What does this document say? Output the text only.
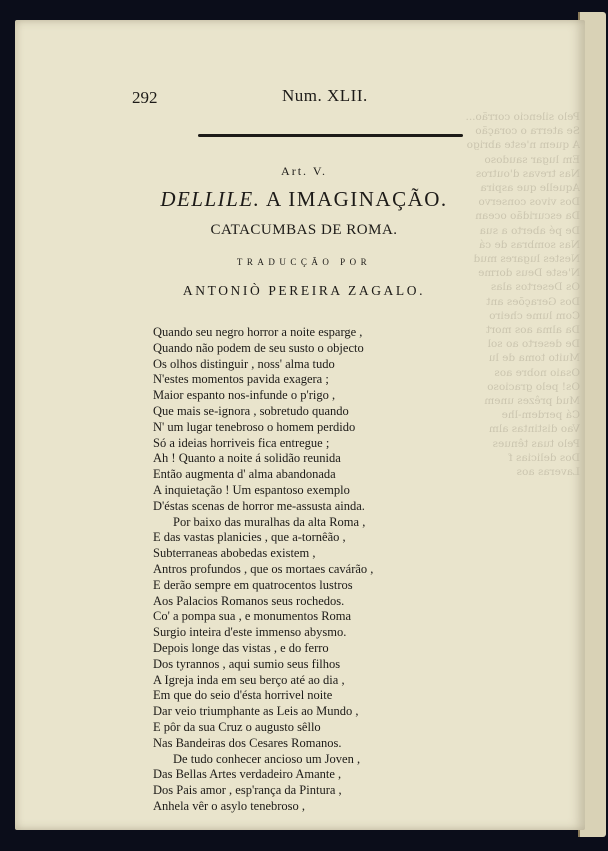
Pelo silencio corrão...
Se aterra o coração
A quem n'este abrigo
Em lugar saudoso
Nas trevas d'outros
Aquelle que aspira
Dos vivos conservo
Da escuridão ocean
De pé aberto a sua
Nas sombras de cá
Nestes lugares mud
N'este Deus dorme
Os Desertos alas
Dos Gerações ant
Com lume cheiro
Da alma aos mort
De deserto ao sol
Muito toma de lu
Osaio nobre aos
Os! pelo gracioso
Mud prêzes unem
Cá perdem-lhe
Vao distintas alm
Pelo tuas tênues
Dos delicias f
Laveras aos
292	Num. XLII.
Art. V.
DELLILE. A IMAGINAÇÃO.
CATACUMBAS DE ROMA.
TRADUCÇÃO POR
ANTONIÒ PEREIRA ZAGALO.
Quando seu negro horror a noite esparge ,
Quando não podem de seu susto o objecto
Os olhos distinguir , noss' alma tudo
N'estes momentos pavida exagera ;
Maior espanto nos-infunde o p'rigo ,
Que mais se-ignora , sobretudo quando
N' um lugar tenebroso o homem perdido
Só a ideias horriveis fica entregue ;
Ah ! Quanto a noite á solidão reunida
Então augmenta d' alma abandonada
A inquietação ! Um espantoso exemplo
D'éstas scenas de horror me-assusta ainda.
Por baixo das muralhas da alta Roma ,
E das vastas planicies , que a-tornêão ,
Subterraneas abobedas existem ,
Antros profundos , que os mortaes cavárão ,
E derão sempre em quatrocentos lustros
Aos Palacios Romanos seus rochedos.
Co' a pompa sua , e monumentos Roma
Surgio inteira d'este immenso abysmo.
Depois longe das vistas , e do ferro
Dos tyrannos , aqui sumio seus filhos
A Igreja inda em seu berço até ao dia ,
Em que do seio d'ésta horrivel noite
Dar veio triumphante as Leis ao Mundo ,
E pôr da sua Cruz o augusto sêllo
Nas Bandeiras dos Cesares Romanos.
De tudo conhecer ancioso um Joven ,
Das Bellas Artes verdadeiro Amante ,
Dos Pais amor , esp'rança da Pintura ,
Anhela vêr o asylo tenebroso ,
